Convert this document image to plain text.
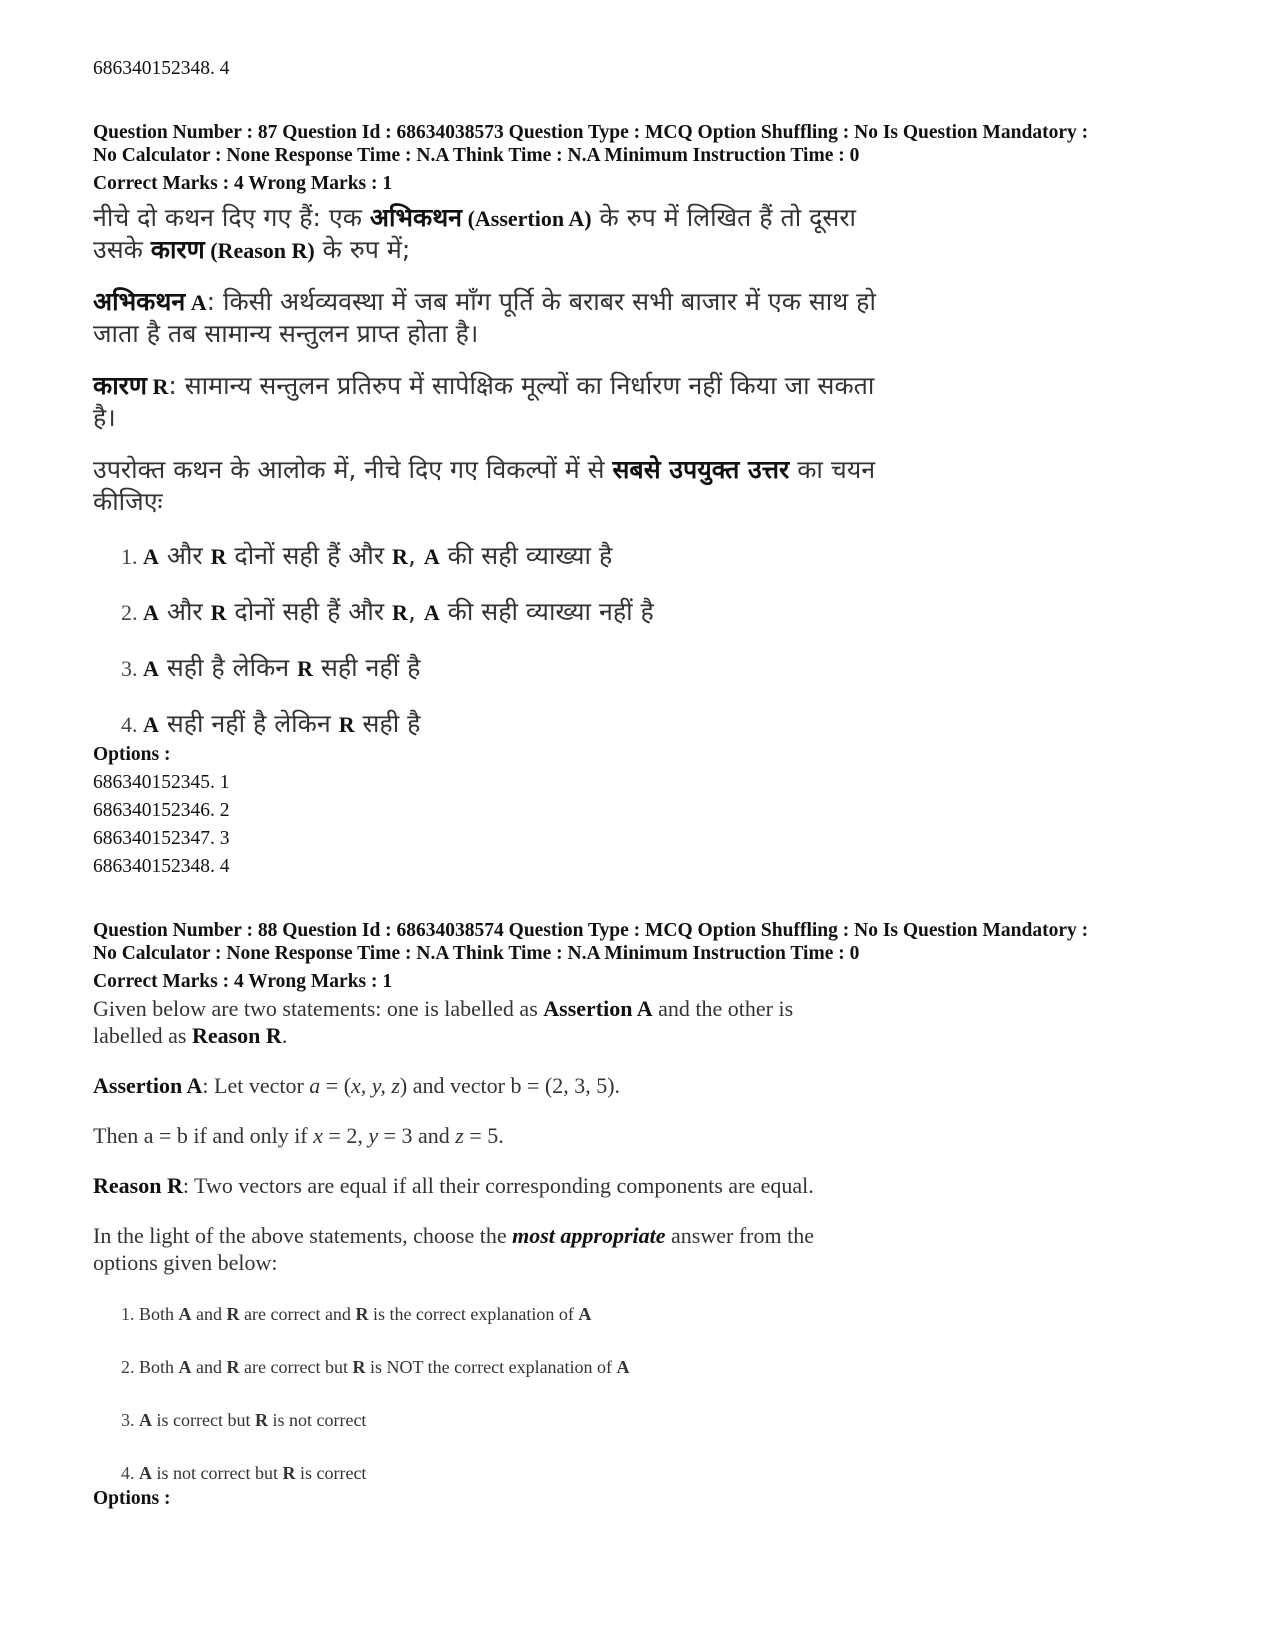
686340152348. 4
Question Number : 87 Question Id : 68634038573 Question Type : MCQ Option Shuffling : No Is Question Mandatory :
No Calculator : None Response Time : N.A Think Time : N.A Minimum Instruction Time : 0
Correct Marks : 4 Wrong Marks : 1
नीचे दो कथन दिए गए हैं: एक अभिकथन (Assertion A) के रुप में लिखित हैं तो दूसरा
उसके कारण (Reason R) के रुप में;
अभिकथन A: किसी अर्थव्यवस्था में जब माँग पूर्ति के बराबर सभी बाजार में एक साथ हो
जाता है तब सामान्य सन्तुलन प्राप्त होता है।
कारण R: सामान्य सन्तुलन प्रतिरुप में सापेक्षिक मूल्यों का निर्धारण नहीं किया जा सकता
है।
उपरोक्त कथन के आलोक में, नीचे दिए गए विकल्पों में से सबसे उपयुक्त उत्तर का चयन
कीजिएः
1. A और R दोनों सही हैं और R, A की सही व्याख्या है
2. A और R दोनों सही हैं और R, A की सही व्याख्या नहीं है
3. A सही है लेकिन R सही नहीं है
4. A सही नहीं है लेकिन R सही है
Options :
686340152345. 1
686340152346. 2
686340152347. 3
686340152348. 4
Question Number : 88 Question Id : 68634038574 Question Type : MCQ Option Shuffling : No Is Question Mandatory :
No Calculator : None Response Time : N.A Think Time : N.A Minimum Instruction Time : 0
Correct Marks : 4 Wrong Marks : 1
Given below are two statements: one is labelled as Assertion A and the other is
labelled as Reason R.
Assertion A: Let vector a = (x, y, z) and vector b = (2, 3, 5).
Then a = b if and only if x = 2, y = 3 and z = 5.
Reason R: Two vectors are equal if all their corresponding components are equal.
In the light of the above statements, choose the most appropriate answer from the
options given below:
1. Both A and R are correct and R is the correct explanation of A
2. Both A and R are correct but R is NOT the correct explanation of A
3. A is correct but R is not correct
4. A is not correct but R is correct
Options :
